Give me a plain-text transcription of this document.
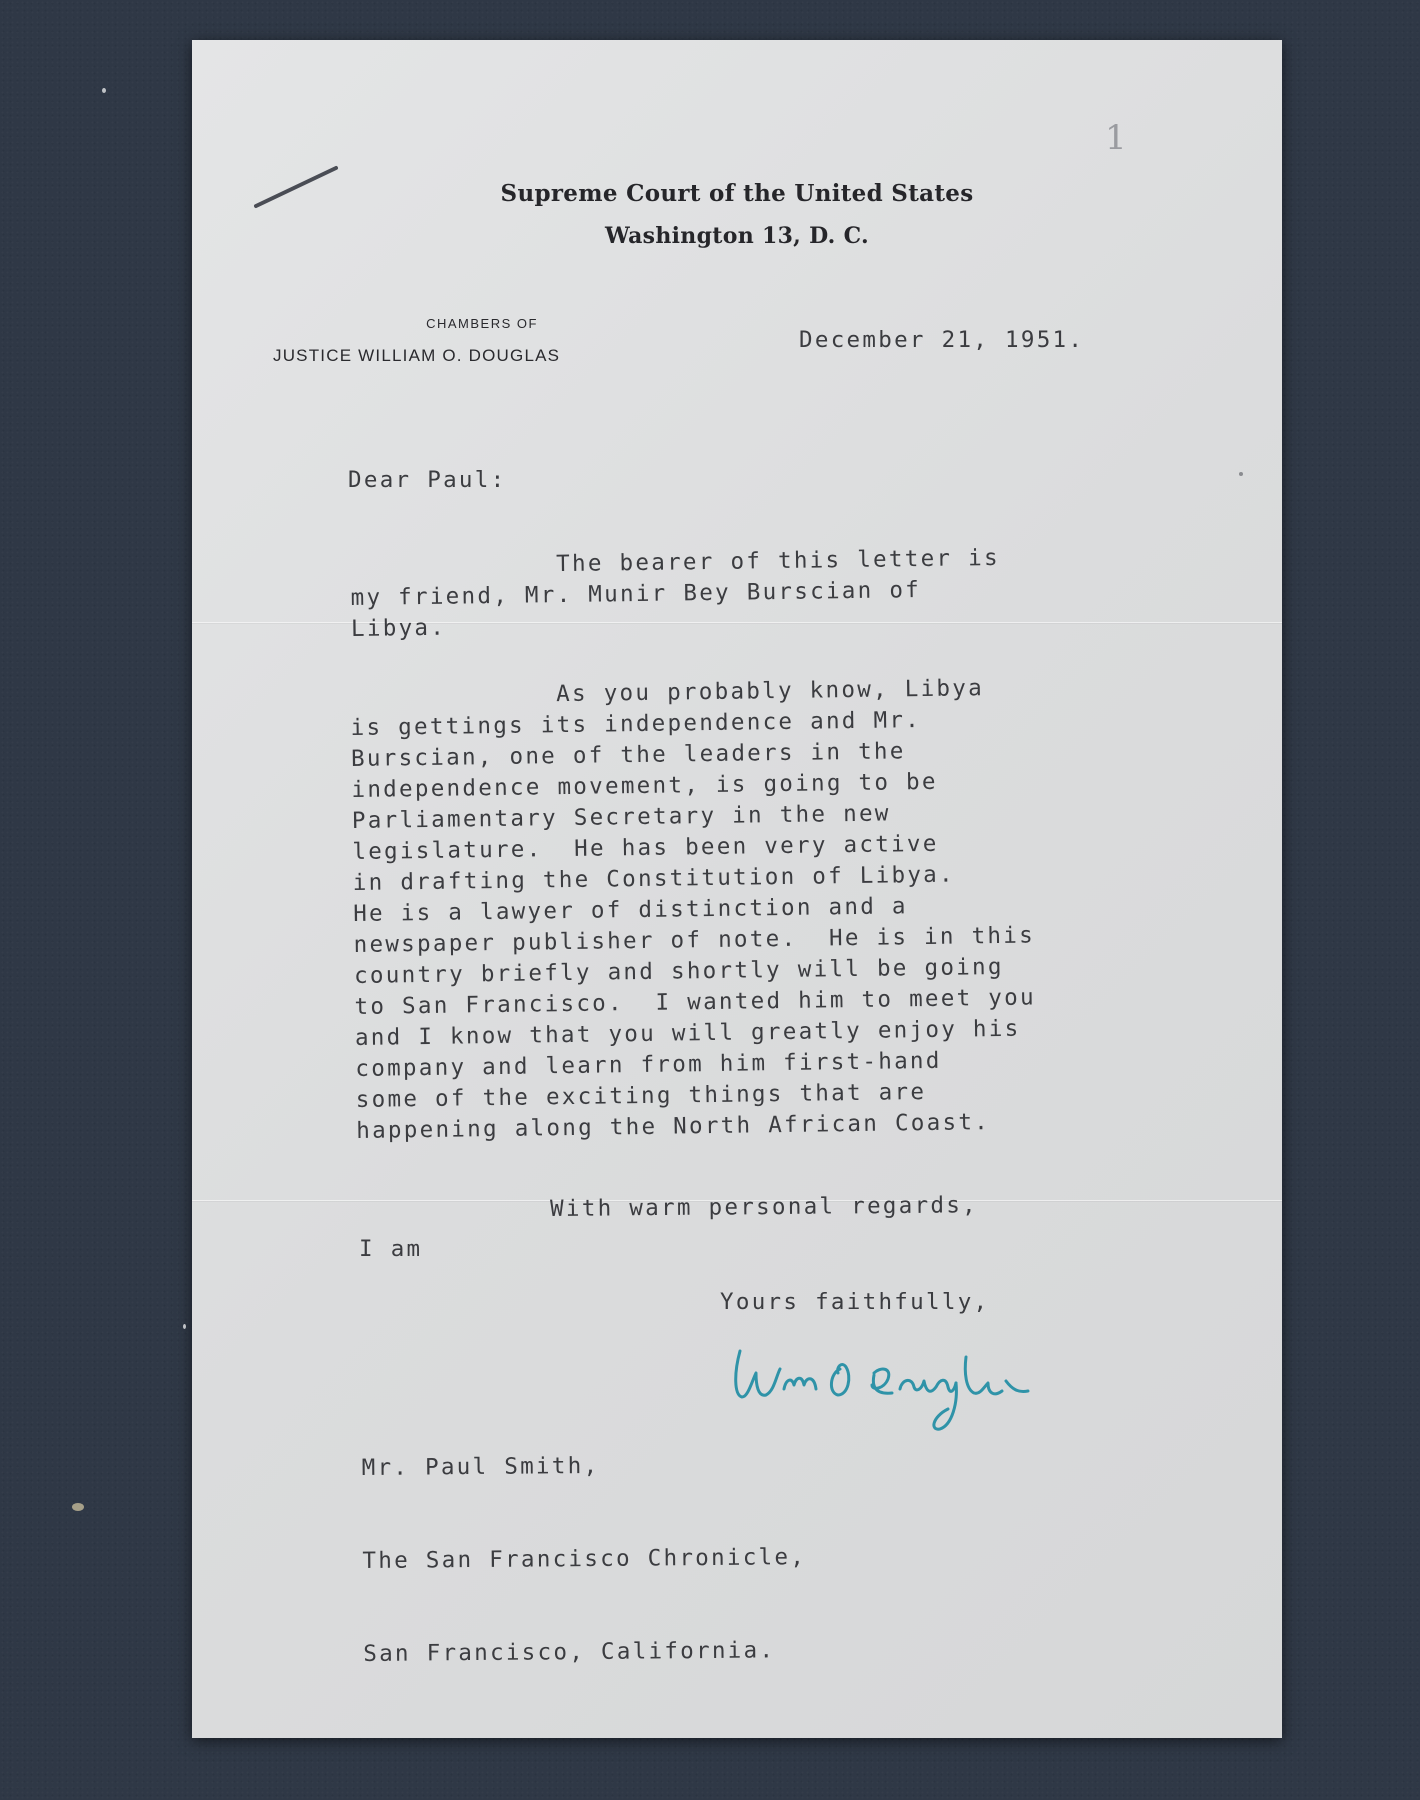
1
Supreme Court of the United States
Washington 13, D. C.
CHAMBERS OF
JUSTICE WILLIAM O. DOUGLAS
December 21, 1951.
Dear Paul:
The bearer of this letter is
my friend, Mr. Munir Bey Burscian of
Libya.
As you probably know, Libya
is gettings its independence and Mr.
Burscian, one of the leaders in the
independence movement, is going to be
Parliamentary Secretary in the new
legislature.  He has been very active
in drafting the Constitution of Libya.
He is a lawyer of distinction and a
newspaper publisher of note.  He is in this
country briefly and shortly will be going
to San Francisco.  I wanted him to meet you
and I know that you will greatly enjoy his
company and learn from him first-hand
some of the exciting things that are
happening along the North African Coast.
With warm personal regards,
I am
Yours faithfully,

Mr. Paul Smith,

The San Francisco Chronicle,

San Francisco, California.
